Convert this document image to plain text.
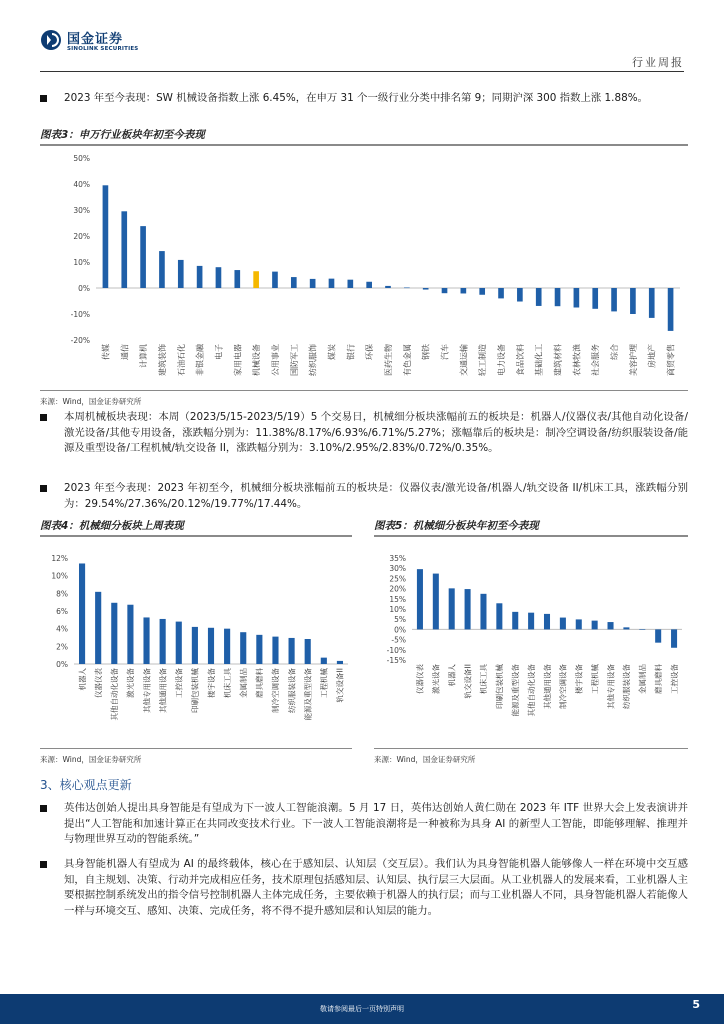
国金证券
SINOLINK SECURITIES
行业周报
2023 年至今表现：SW 机械设备指数上涨 6.45%，在申万 31 个一级行业分类中排名第 9；同期沪深 300 指数上涨 1.88%。
图表3：申万行业板块年初至今表现
50%
40%
30%
20%
10%
0%
-10%
-20%
传媒 通信 计算机 建筑装饰 石油石化 非银金融 电子 家用电器 机械设备 公用事业 国防军工 纺织服饰 煤炭 银行 环保 医药生物 有色金属 钢铁 汽车 交通运输 轻工制造 电力设备 食品饮料 基础化工 建筑材料 农林牧渔 社会服务 综合 美容护理 房地产 商贸零售
来源：Wind，国金证券研究所
本周机械板块表现：本周（2023/5/15-2023/5/19）5 个交易日，机械细分板块涨幅前五的板块是：机器人/仪器仪表/其他自动化设备/激光设备/其他专用设备，涨跌幅分别为：11.38%/8.17%/6.93%/6.71%/5.27%；涨幅靠后的板块是：制冷空调设备/纺织服装设备/能源及重型设备/工程机械/轨交设备 II，涨跌幅分别为：3.10%/2.95%/2.83%/0.72%/0.35%。
2023 年至今表现：2023 年初至今，机械细分板块涨幅前五的板块是：仪器仪表/激光设备/机器人/轨交设备 II/机床工具，涨跌幅分别为：29.54%/27.36%/20.12%/19.77%/17.44%。
图表4：机械细分板块上周表现
12%
10%
8%
6%
4%
2%
0%
机器人 仪器仪表 其他自动化设备 激光设备 其他专用设备 其他通用设备 工控设备 印刷包装机械 楼宇设备 机床工具 金属制品 磨具磨料 制冷空调设备 纺织服装设备 能源及重型设备 工程机械 轨交设备II
来源：Wind，国金证券研究所
图表5：机械细分板块年初至今表现
35%
30%
25%
20%
15%
10%
5%
0%
-5%
-10%
-15%
仪器仪表 激光设备 机器人 轨交设备II 机床工具 印刷包装机械 能源及重型设备 其他自动化设备 其他通用设备 制冷空调设备 楼宇设备 工程机械 其他专用设备 纺织服装设备 金属制品 磨具磨料 工控设备
来源：Wind，国金证券研究所
3、核心观点更新
英伟达创始人提出具身智能是有望成为下一波人工智能浪潮。5 月 17 日，英伟达创始人黄仁勋在 2023 年 ITF 世界大会上发表演讲并提出“人工智能和加速计算正在共同改变技术行业。下一波人工智能浪潮将是一种被称为具身 AI 的新型人工智能，即能够理解、推理并与物理世界互动的智能系统。”
具身智能机器人有望成为 AI 的最终载体，核心在于感知层、认知层（交互层）。我们认为具身智能机器人能够像人一样在环境中交互感知，自主规划、决策、行动并完成相应任务，技术原理包括感知层、认知层、执行层三大层面。从工业机器人的发展来看，工业机器人主要根据控制系统发出的指令信号控制机器人主体完成任务，主要依赖于机器人的执行层；而与工业机器人不同，具身智能机器人若能像人一样与环境交互、感知、决策、完成任务，将不得不提升感知层和认知层的能力。
敬请参阅最后一页特别声明	5
